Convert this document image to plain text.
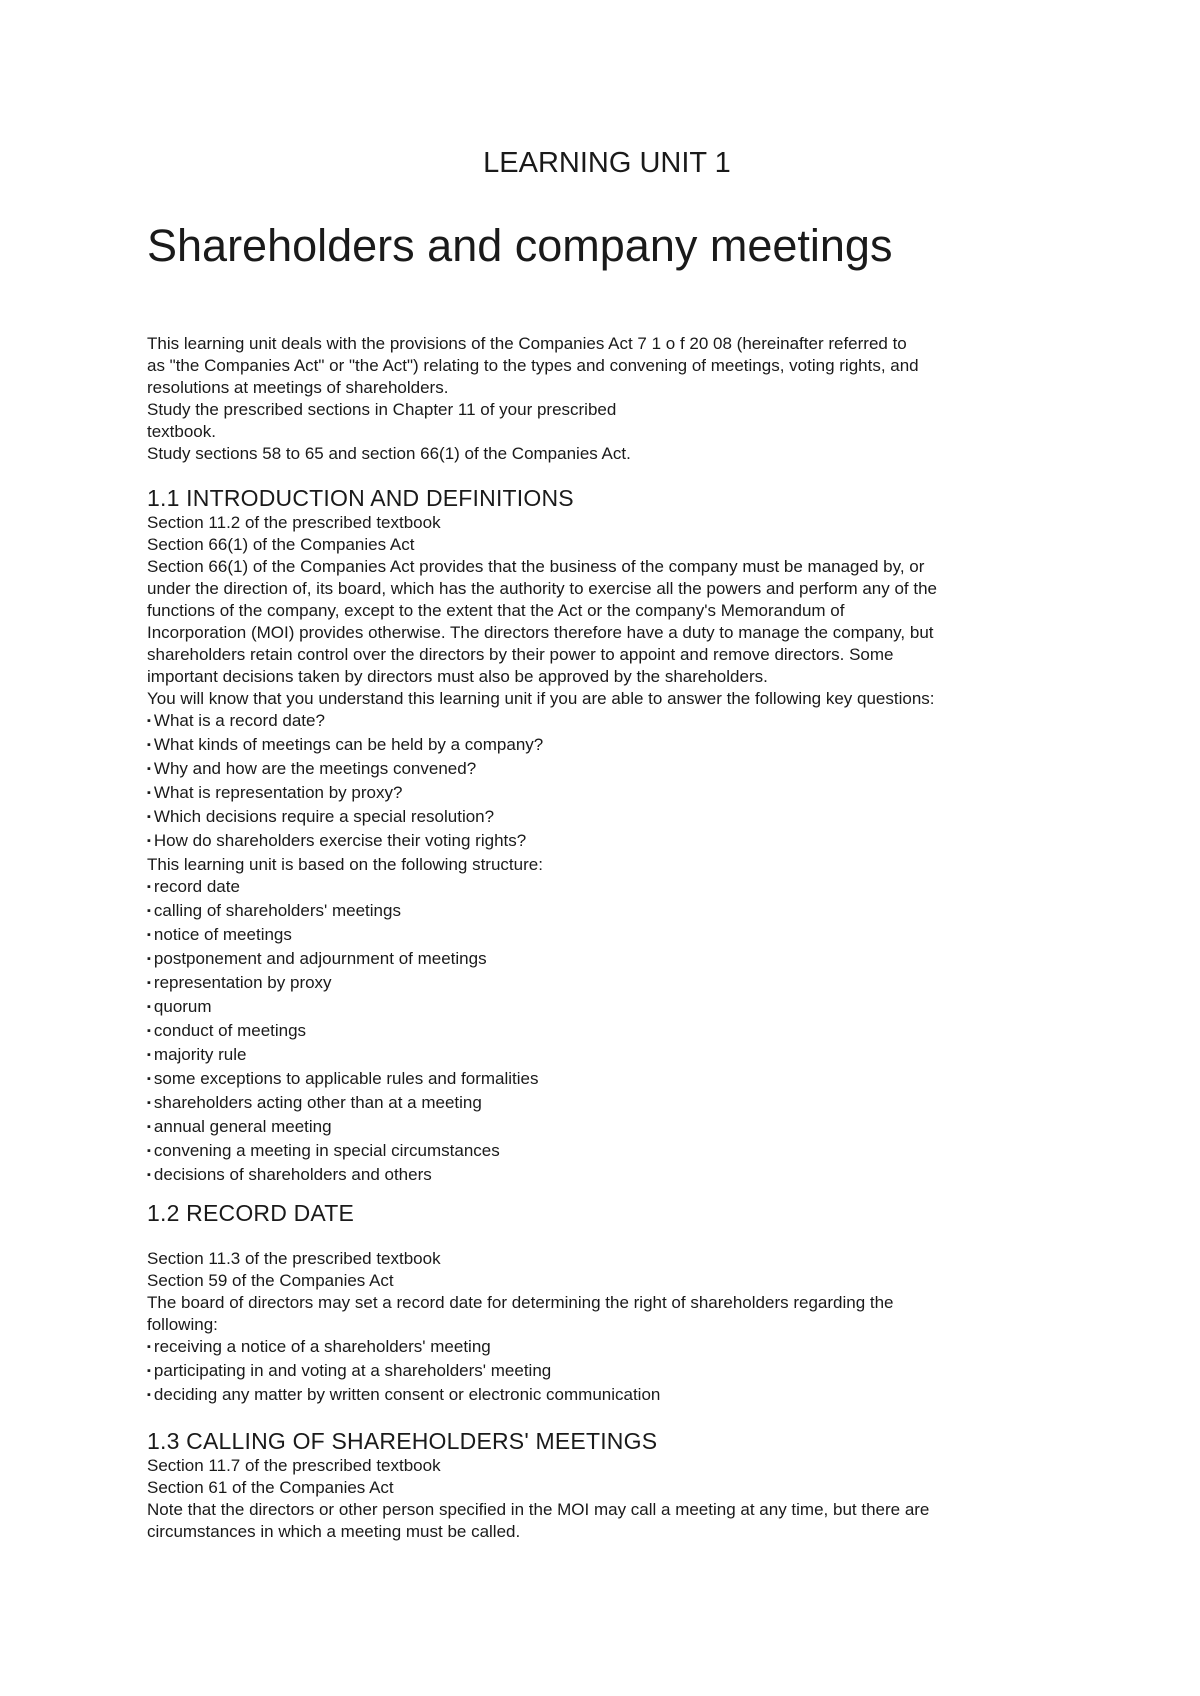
LEARNING UNIT 1
Shareholders and company meetings
This learning unit deals with the provisions of the Companies Act 7 1 o f 20 08 (hereinafter referred to
as "the Companies Act" or "the Act") relating to the types and convening of meetings, voting rights, and
resolutions at meetings of shareholders.
Study the prescribed sections in Chapter 11 of your prescribed
textbook.
Study sections 58 to 65 and section 66(1) of the Companies Act.
1.1 INTRODUCTION AND DEFINITIONS
Section 11.2 of the prescribed textbook
Section 66(1) of the Companies Act
Section 66(1) of the Companies Act provides that the business of the company must be managed by, or
under the direction of, its board, which has the authority to exercise all the powers and perform any of the
functions of the company, except to the extent that the Act or the company's Memorandum of
Incorporation (MOI) provides otherwise. The directors therefore have a duty to manage the company, but
shareholders retain control over the directors by their power to appoint and remove directors. Some
important decisions taken by directors must also be approved by the shareholders.
You will know that you understand this learning unit if you are able to answer the following key questions:
▪ What is a record date?
▪ What kinds of meetings can be held by a company?
▪ Why and how are the meetings convened?
▪ What is representation by proxy?
▪ Which decisions require a special resolution?
▪ How do shareholders exercise their voting rights?
This learning unit is based on the following structure:
▪ record date
▪ calling of shareholders' meetings
▪ notice of meetings
▪ postponement and adjournment of meetings
▪ representation by proxy
▪ quorum
▪ conduct of meetings
▪ majority rule
▪ some exceptions to applicable rules and formalities
▪ shareholders acting other than at a meeting
▪ annual general meeting
▪ convening a meeting in special circumstances
▪ decisions of shareholders and others
1.2 RECORD DATE
Section 11.3 of the prescribed textbook
Section 59 of the Companies Act
The board of directors may set a record date for determining the right of shareholders regarding the
following:
▪ receiving a notice of a shareholders' meeting
▪ participating in and voting at a shareholders' meeting
▪ deciding any matter by written consent or electronic communication
1.3 CALLING OF SHAREHOLDERS' MEETINGS
Section 11.7 of the prescribed textbook
Section 61 of the Companies Act
Note that the directors or other person specified in the MOI may call a meeting at any time, but there are
circumstances in which a meeting must be called.
